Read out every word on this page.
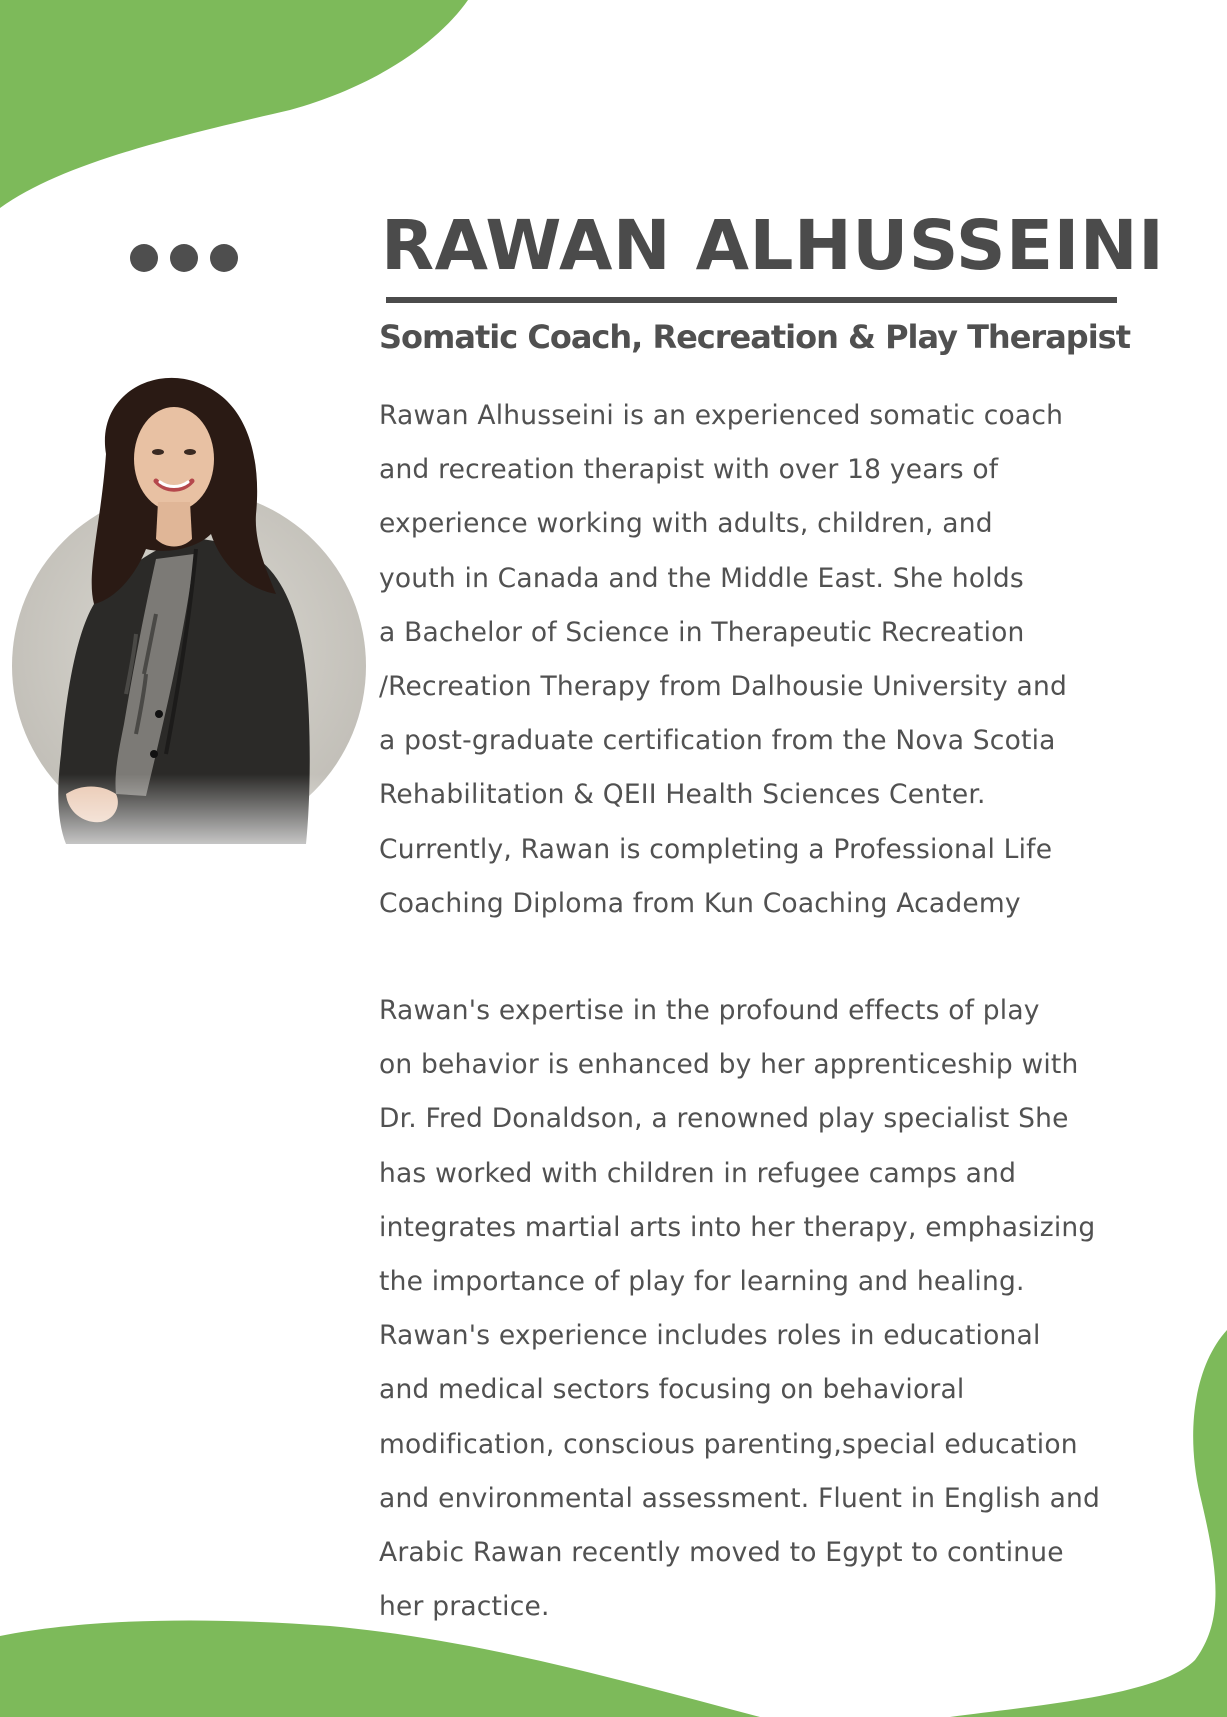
RAWAN ALHUSSEINI
Somatic Coach, Recreation & Play Therapist

Rawan Alhusseini is an experienced somatic coach
and recreation therapist with over 18 years of
experience working with adults, children, and
youth in Canada and the Middle East. She holds
a Bachelor of Science in Therapeutic Recreation
/Recreation Therapy from Dalhousie University and
a post-graduate certification from the Nova Scotia
Rehabilitation & QEII Health Sciences Center.
Currently, Rawan is completing a Professional Life
Coaching Diploma from Kun Coaching Academy

Rawan's expertise in the profound effects of play
on behavior is enhanced by her apprenticeship with
Dr. Fred Donaldson, a renowned play specialist She
has worked with children in refugee camps and
integrates martial arts into her therapy, emphasizing
the importance of play for learning and healing.
Rawan's experience includes roles in educational
and medical sectors focusing on behavioral
modification, conscious parenting,special education
and environmental assessment. Fluent in English and
Arabic Rawan recently moved to Egypt to continue
her practice.
